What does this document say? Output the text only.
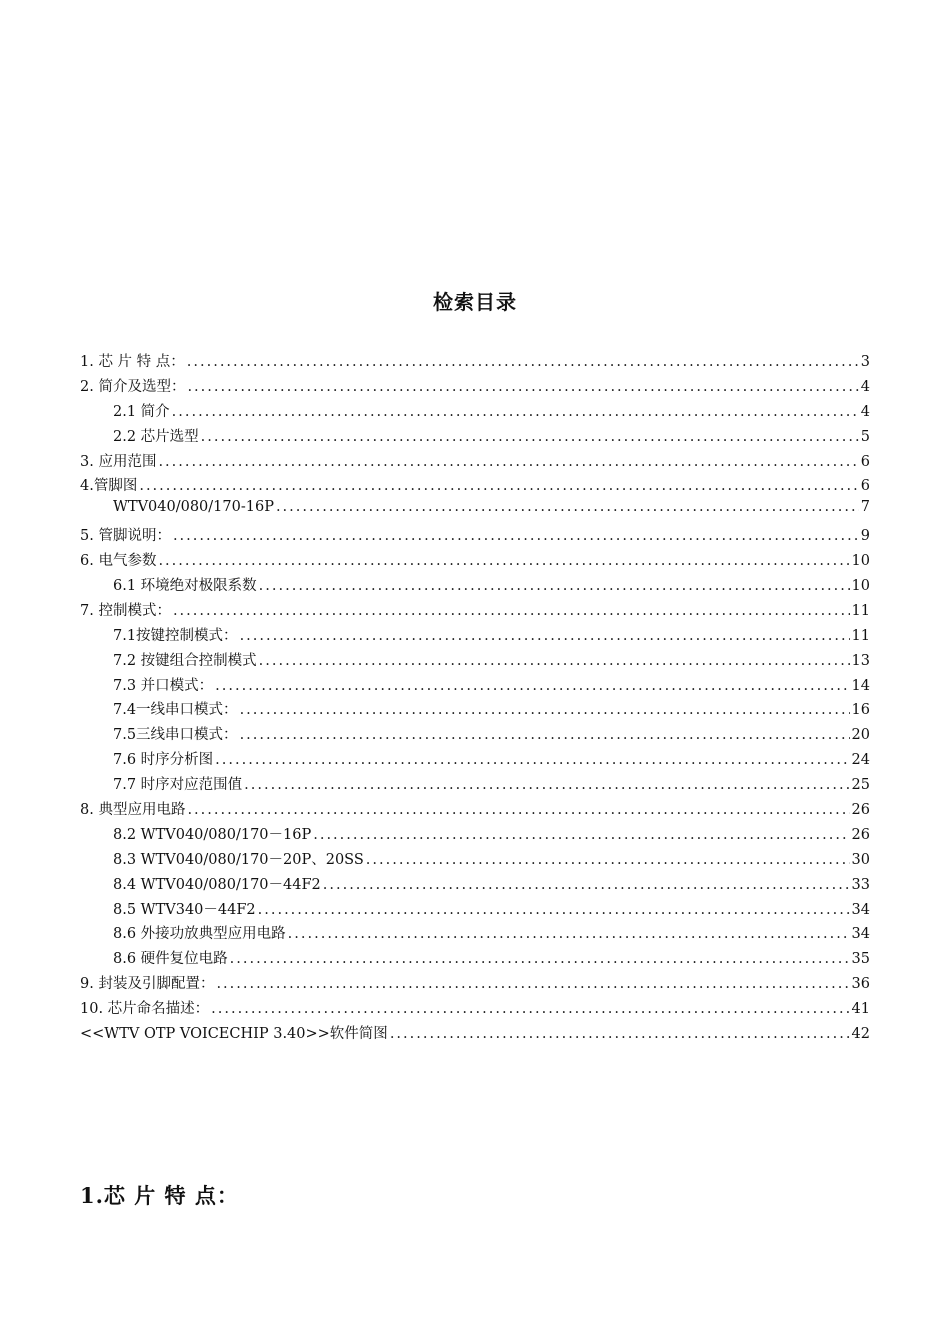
检索目录
1. 芯 片 特 点： .....	3
2. 简介及选型： .....	4
2.1 简介 .....	4
2.2 芯片选型 .....	5
3. 应用范围 .....	6
4.管脚图 .....	6
WTV040/080/170-16P .....	7
5. 管脚说明： .....	9
6. 电气参数 .....	10
6.1 环境绝对极限系数 .....	10
7. 控制模式： .....	11
7.1按键控制模式： .....	11
7.2 按键组合控制模式 .....	13
7.3 并口模式： .....	14
7.4一线串口模式： .....	16
7.5三线串口模式： .....	20
7.6 时序分析图 .....	24
7.7 时序对应范围值 .....	25
8. 典型应用电路 .....	26
8.2 WTV040/080/170－16P .....	26
8.3 WTV040/080/170－20P、20SS .....	30
8.4 WTV040/080/170－44F2 .....	33
8.5 WTV340－44F2 .....	34
8.6 外接功放典型应用电路 .....	34
8.6 硬件复位电路 .....	35
9. 封装及引脚配置： .....	36
10. 芯片命名描述： .....	41
<<WTV OTP VOICECHIP 3.40>>软件简图 .....	42
1.芯 片 特 点：
